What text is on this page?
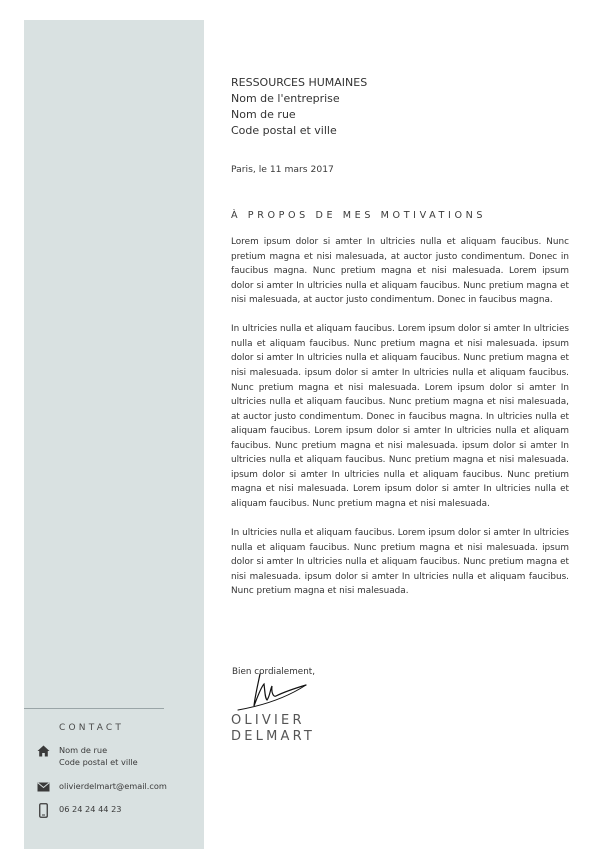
CONTACT
Nom de rue
Code postal et ville
olivierdelmart@email.com
06 24 24 44 23
RESSOURCES HUMAINES
Nom de l'entreprise
Nom de rue
Code postal et ville
Paris, le 11 mars 2017
À PROPOS DE MES MOTIVATIONS

Lorem ipsum dolor si amter In ultricies nulla et aliquam faucibus. Nunc pretium magna et nisi malesuada, at auctor justo condimentum. Donec in faucibus magna. Nunc pretium magna et nisi malesuada. Lorem ipsum dolor si amter In ultricies nulla et aliquam faucibus. Nunc pretium magna et nisi malesuada, at auctor justo condimentum. Donec in faucibus magna.

In ultricies nulla et aliquam faucibus. Lorem ipsum dolor si amter In ultricies nulla et aliquam faucibus. Nunc pretium magna et nisi malesuada. ipsum dolor si amter In ultricies nulla et aliquam faucibus. Nunc pretium magna et nisi malesuada. ipsum dolor si amter In ultricies nulla et aliquam faucibus. Nunc pretium magna et nisi malesuada. Lorem ipsum dolor si amter In ultricies nulla et aliquam faucibus. Nunc pretium magna et nisi malesuada, at auctor justo condimentum. Donec in faucibus magna. In ultricies nulla et aliquam faucibus. Lorem ipsum dolor si amter In ultricies nulla et aliquam faucibus. Nunc pretium magna et nisi malesuada. ipsum dolor si amter In ultricies nulla et aliquam faucibus. Nunc pretium magna et nisi malesuada. ipsum dolor si amter In ultricies nulla et aliquam faucibus. Nunc pretium magna et nisi malesuada. Lorem ipsum dolor si amter In ultricies nulla et aliquam faucibus. Nunc pretium magna et nisi malesuada.

In ultricies nulla et aliquam faucibus. Lorem ipsum dolor si amter In ultricies nulla et aliquam faucibus. Nunc pretium magna et nisi malesuada. ipsum dolor si amter In ultricies nulla et aliquam faucibus. Nunc pretium magna et nisi malesuada. ipsum dolor si amter In ultricies nulla et aliquam faucibus. Nunc pretium magna et nisi malesuada.

Bien cordialement,
OLIVIER
DELMART
